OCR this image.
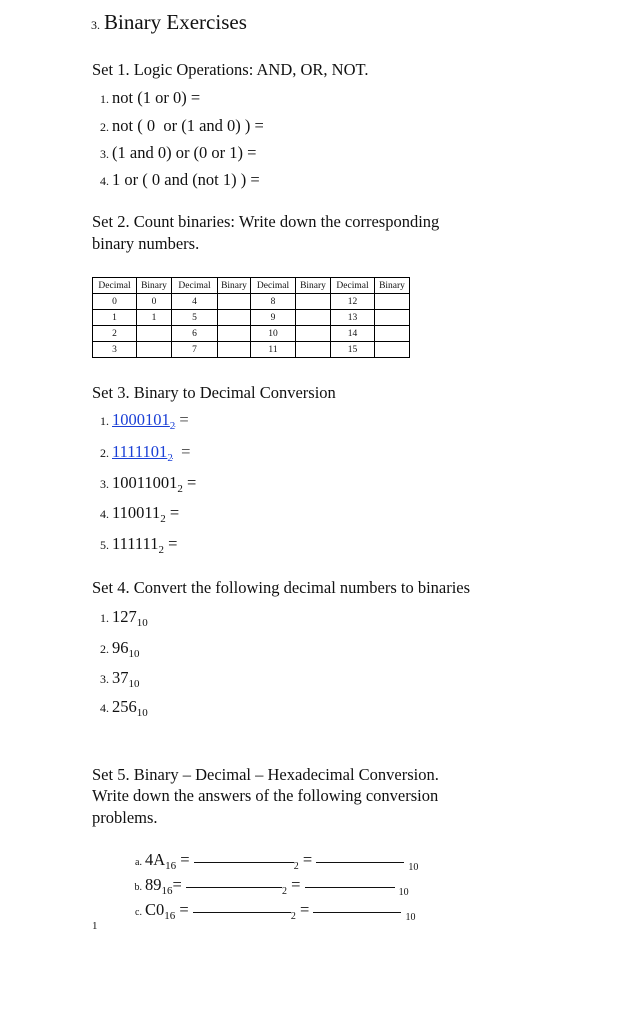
3. Binary Exercises
Set 1. Logic Operations: AND, OR, NOT.
1. not (1 or 0) =
2. not ( 0  or (1 and 0) ) =
3. (1 and 0) or (0 or 1) =
4. 1 or ( 0 and (not 1) ) =
Set 2. Count binaries: Write down the corresponding
binary numbers.
Decimal	Binary	Decimal	Binary	Decimal	Binary	Decimal	Binary
0	0	4		8		12	
1	1	5		9		13	
2		6		10		14	
3		7		11		15	
Set 3. Binary to Decimal Conversion
1. $1000101_2$ =
2. $1111101_2$ =
3. $10011001_2$ =
4. $110011_2$ =
5. $111111_2$ =
Set 4. Convert the following decimal numbers to binaries
1. $127_{10}$
2. $96_{10}$
3. $37_{10}$
4. $256_{10}$
Set 5. Binary – Decimal – Hexadecimal Conversion.
Write down the answers of the following conversion
problems.
a. $4A_{16}$ =	$_2$ =	$_{10}$
b. $89_{16}=$	$_2$ =	$_{10}$
c. $C0_{16}$ =	$_2$ =	$_{10}$
1
